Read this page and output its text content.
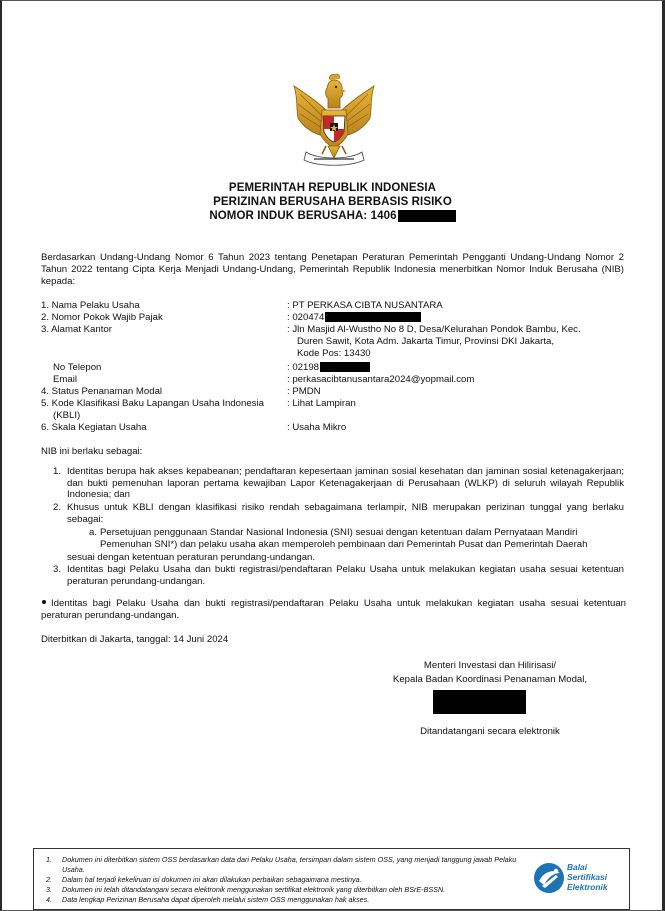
PEMERINTAH REPUBLIK INDONESIA
PERIZINAN BERUSAHA BERBASIS RISIKO
NOMOR INDUK BERUSAHA: 1406
Berdasarkan Undang-Undang Nomor 6 Tahun 2023 tentang Penetapan Peraturan Pemerintah Pengganti Undang-Undang Nomor 2 Tahun 2022 tentang Cipta Kerja Menjadi Undang-Undang, Pemerintah Republik Indonesia menerbitkan Nomor Induk Berusaha (NIB) kepada:
1. Nama Pelaku Usaha	: PT PERKASA CIBTA NUSANTARA
2. Nomor Pokok Wajib Pajak	: 020474
3. Alamat Kantor	: Jln Masjid Al-Wustho No 8 D, Desa/Kelurahan Pondok Bambu, Kec.
Duren Sawit, Kota Adm. Jakarta Timur, Provinsi DKI Jakarta,
Kode Pos: 13430
No Telepon	: 02198
Email	: perkasacibtanusantara2024@yopmail.com
4. Status Penanaman Modal	: PMDN
5. Kode Klasifikasi Baku Lapangan Usaha Indonesia : Lihat Lampiran
(KBLI)
6. Skala Kegiatan Usaha	: Usaha Mikro
NIB ini berlaku sebagai:
1. Identitas berupa hak akses kepabeanan; pendaftaran kepesertaan jaminan sosial kesehatan dan jaminan sosial ketenagakerjaan; dan bukti pemenuhan laporan pertama kewajiban Lapor Ketenagakerjaan di Perusahaan (WLKP) di seluruh wilayah Republik Indonesia; dan
2. Khusus untuk KBLI dengan klasifikasi risiko rendah sebagaimana terlampir, NIB merupakan perizinan tunggal yang berlaku sebagai:
a. Persetujuan penggunaan Standar Nasional Indonesia (SNI) sesuai dengan ketentuan dalam Pernyataan Mandiri Pemenuhan SNI*) dan pelaku usaha akan memperoleh pembinaan dari Pemerintah Pusat dan Pemerintah Daerah
sesuai dengan ketentuan peraturan perundang-undangan.
3. Identitas bagi Pelaku Usaha dan bukti registrasi/pendaftaran Pelaku Usaha untuk melakukan kegiatan usaha sesuai ketentuan peraturan perundang-undangan.
Identitas bagi Pelaku Usaha dan bukti registrasi/pendaftaran Pelaku Usaha untuk melakukan kegiatan usaha sesuai ketentuan peraturan perundang-undangan.
Diterbitkan di Jakarta, tanggal: 14 Juni 2024
Menteri Investasi dan Hilirisasi/
Kepala Badan Koordinasi Penanaman Modal,
Ditandatangani secara elektronik
1. Dokumen ini diterbitkan sistem OSS berdasarkan data dari Pelaku Usaha, tersimpan dalam sistem OSS, yang menjadi tanggung jawab Pelaku Usaha.
2. Dalam hal terjadi kekeliruan isi dokumen ini akan dilakukan perbaikan sebagaimana mestinya.
3. Dokumen ini telah ditandatangani secara elektronik menggunakan sertifikat elektronik yang diterbitkan oleh BSrE-BSSN.
4. Data lengkap Perizinan Berusaha dapat diperoleh melalui sistem OSS menggunakan hak akses.
Balai
Sertifikasi
Elektronik
